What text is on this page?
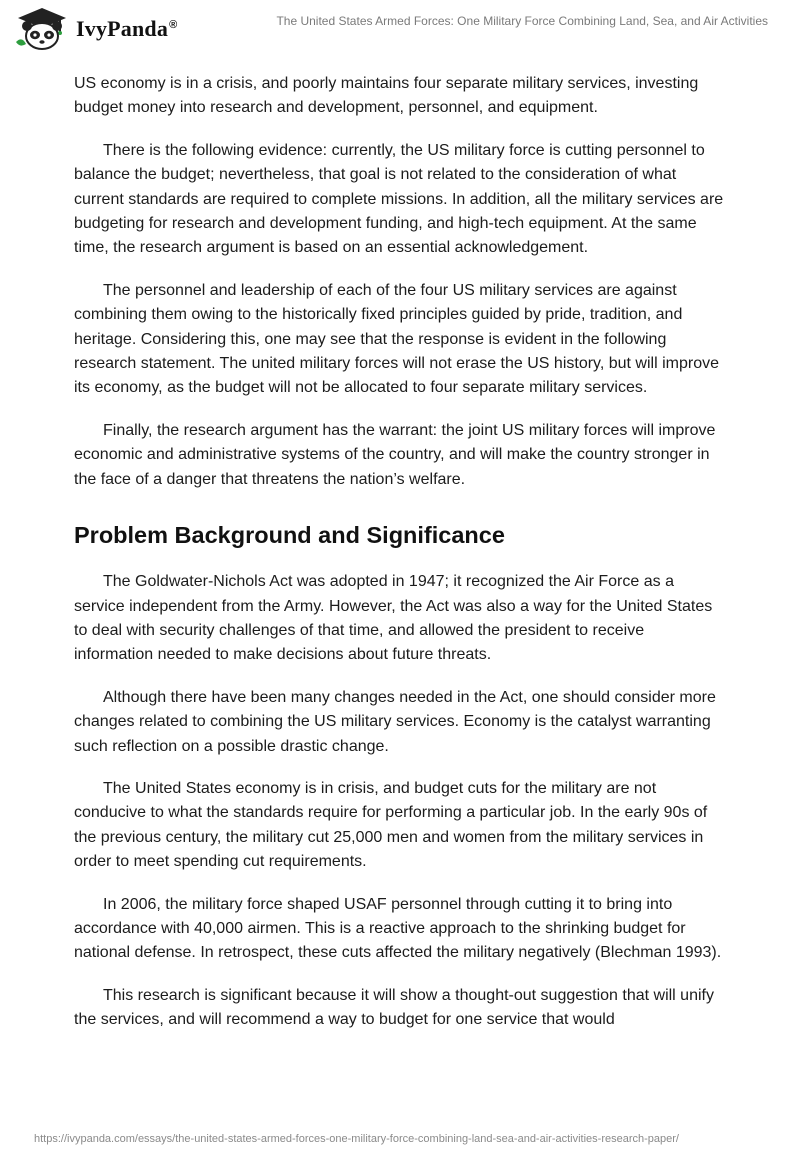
IvyPanda®	The United States Armed Forces: One Military Force Combining Land, Sea, and Air Activities

US economy is in a crisis, and poorly maintains four separate military services, investing budget money into research and development, personnel, and equipment.

There is the following evidence: currently, the US military force is cutting personnel to balance the budget; nevertheless, that goal is not related to the consideration of what current standards are required to complete missions. In addition, all the military services are budgeting for research and development funding, and high-tech equipment. At the same time, the research argument is based on an essential acknowledgement.

The personnel and leadership of each of the four US military services are against combining them owing to the historically fixed principles guided by pride, tradition, and heritage. Considering this, one may see that the response is evident in the following research statement. The united military forces will not erase the US history, but will improve its economy, as the budget will not be allocated to four separate military services.

Finally, the research argument has the warrant: the joint US military forces will improve economic and administrative systems of the country, and will make the country stronger in the face of a danger that threatens the nation’s welfare.

Problem Background and Significance

The Goldwater-Nichols Act was adopted in 1947; it recognized the Air Force as a service independent from the Army. However, the Act was also a way for the United States to deal with security challenges of that time, and allowed the president to receive information needed to make decisions about future threats.

Although there have been many changes needed in the Act, one should consider more changes related to combining the US military services. Economy is the catalyst warranting such reflection on a possible drastic change.

The United States economy is in crisis, and budget cuts for the military are not conducive to what the standards require for performing a particular job. In the early 90s of the previous century, the military cut 25,000 men and women from the military services in order to meet spending cut requirements.

In 2006, the military force shaped USAF personnel through cutting it to bring into accordance with 40,000 airmen. This is a reactive approach to the shrinking budget for national defense. In retrospect, these cuts affected the military negatively (Blechman 1993).

This research is significant because it will show a thought-out suggestion that will unify the services, and will recommend a way to budget for one service that would

https://ivypanda.com/essays/the-united-states-armed-forces-one-military-force-combining-land-sea-and-air-activities-research-paper/
